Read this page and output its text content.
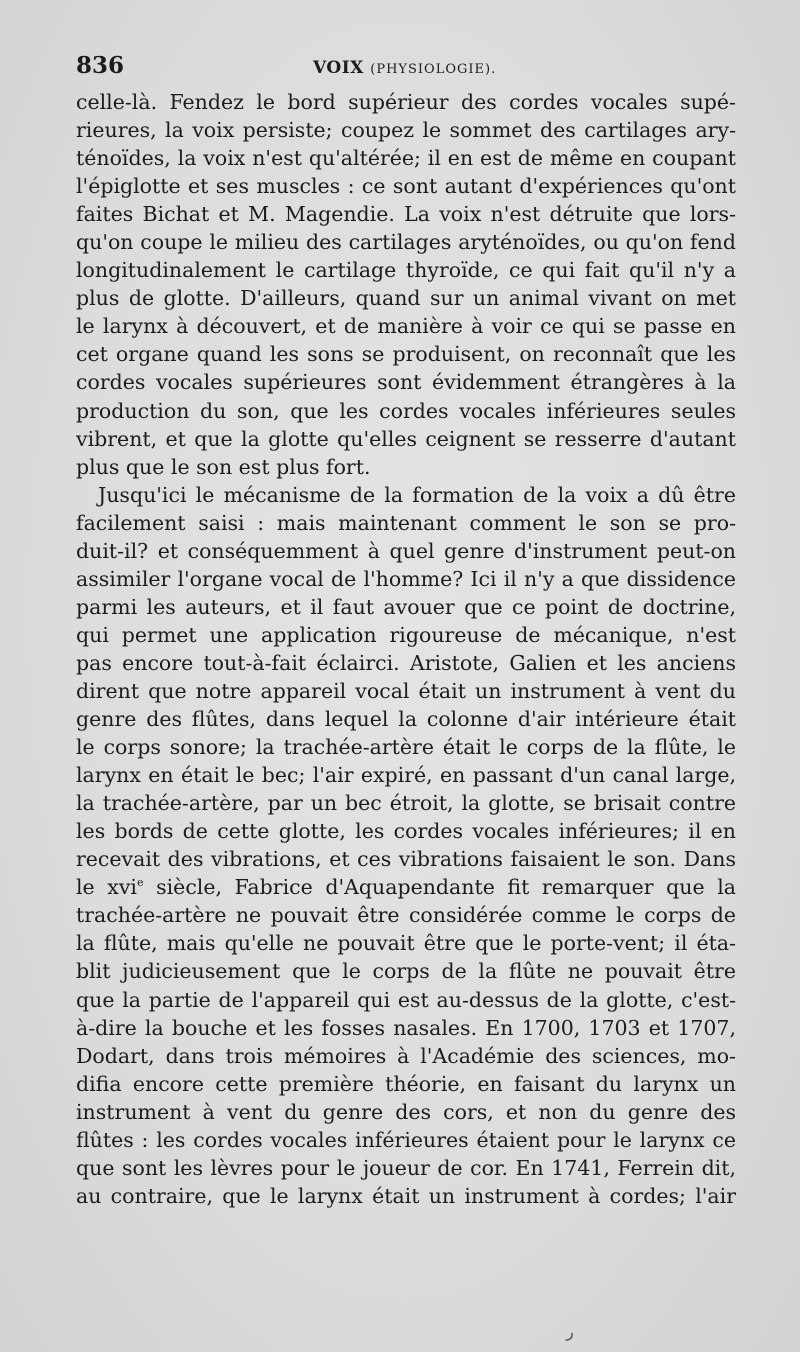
836	VOIX (PHYSIOLOGIE).
celle-là. Fendez le bord supérieur des cordes vocales supé-
rieures, la voix persiste; coupez le sommet des cartilages ary-
ténoïdes, la voix n'est qu'altérée; il en est de même en coupant
l'épiglotte et ses muscles : ce sont autant d'expériences qu'ont
faites Bichat et M. Magendie. La voix n'est détruite que lors-
qu'on coupe le milieu des cartilages aryténoïdes, ou qu'on fend
longitudinalement le cartilage thyroïde, ce qui fait qu'il n'y a
plus de glotte. D'ailleurs, quand sur un animal vivant on met
le larynx à découvert, et de manière à voir ce qui se passe en
cet organe quand les sons se produisent, on reconnaît que les
cordes vocales supérieures sont évidemment étrangères à la
production du son, que les cordes vocales inférieures seules
vibrent, et que la glotte qu'elles ceignent se resserre d'autant
plus que le son est plus fort.
Jusqu'ici le mécanisme de la formation de la voix a dû être
facilement saisi : mais maintenant comment le son se pro-
duit-il? et conséquemment à quel genre d'instrument peut-on
assimiler l'organe vocal de l'homme? Ici il n'y a que dissidence
parmi les auteurs, et il faut avouer que ce point de doctrine,
qui permet une application rigoureuse de mécanique, n'est
pas encore tout-à-fait éclairci. Aristote, Galien et les anciens
dirent que notre appareil vocal était un instrument à vent du
genre des flûtes, dans lequel la colonne d'air intérieure était
le corps sonore; la trachée-artère était le corps de la flûte, le
larynx en était le bec; l'air expiré, en passant d'un canal large,
la trachée-artère, par un bec étroit, la glotte, se brisait contre
les bords de cette glotte, les cordes vocales inférieures; il en
recevait des vibrations, et ces vibrations faisaient le son. Dans
le xvi$^e$ siècle, Fabrice d'Aquapendante fit remarquer que la
trachée-artère ne pouvait être considérée comme le corps de
la flûte, mais qu'elle ne pouvait être que le porte-vent; il éta-
blit judicieusement que le corps de la flûte ne pouvait être
que la partie de l'appareil qui est au-dessus de la glotte, c'est-
à-dire la bouche et les fosses nasales. En 1700, 1703 et 1707,
Dodart, dans trois mémoires à l'Académie des sciences, mo-
difia encore cette première théorie, en faisant du larynx un
instrument à vent du genre des cors, et non du genre des
flûtes : les cordes vocales inférieures étaient pour le larynx ce
que sont les lèvres pour le joueur de cor. En 1741, Ferrein dit,
au contraire, que le larynx était un instrument à cordes; l'air
ر
